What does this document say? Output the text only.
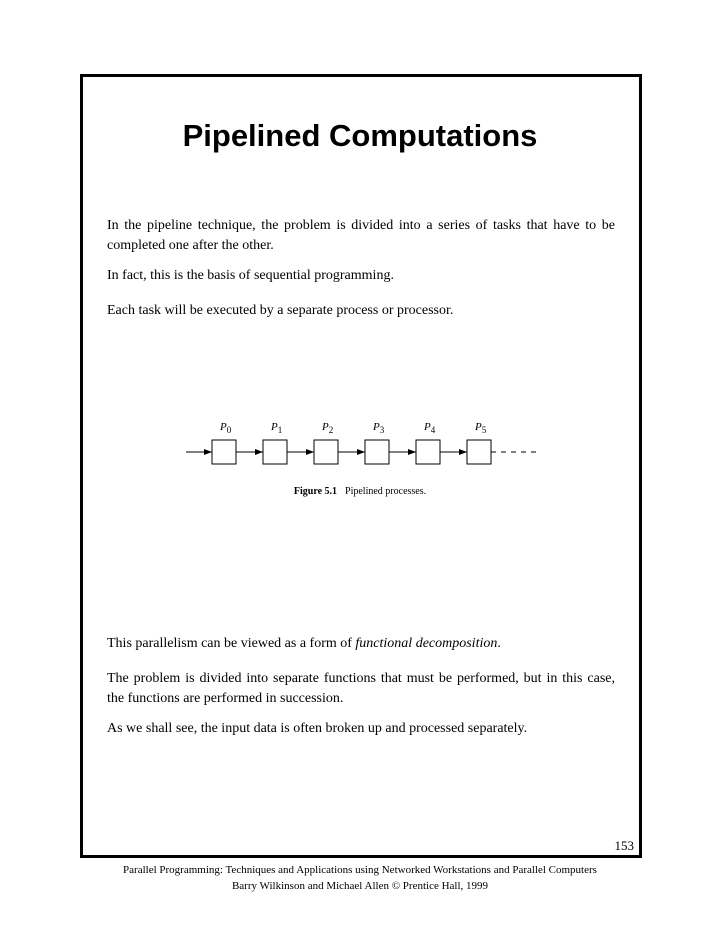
Pipelined Computations

In the pipeline technique, the problem is divided into a series of tasks that have to be completed one after the other.

In fact, this is the basis of sequential programming.

Each task will be executed by a separate process or processor.

$P_0$	$P_1$	$P_2$	$P_3$	$P_4$	$P_5$

Figure 5.1 Pipelined processes.

This parallelism can be viewed as a form of functional decomposition.

The problem is divided into separate functions that must be performed, but in this case, the functions are performed in succession.

As we shall see, the input data is often broken up and processed separately.

153

Parallel Programming: Techniques and Applications using Networked Workstations and Parallel Computers
Barry Wilkinson and Michael Allen © Prentice Hall, 1999
